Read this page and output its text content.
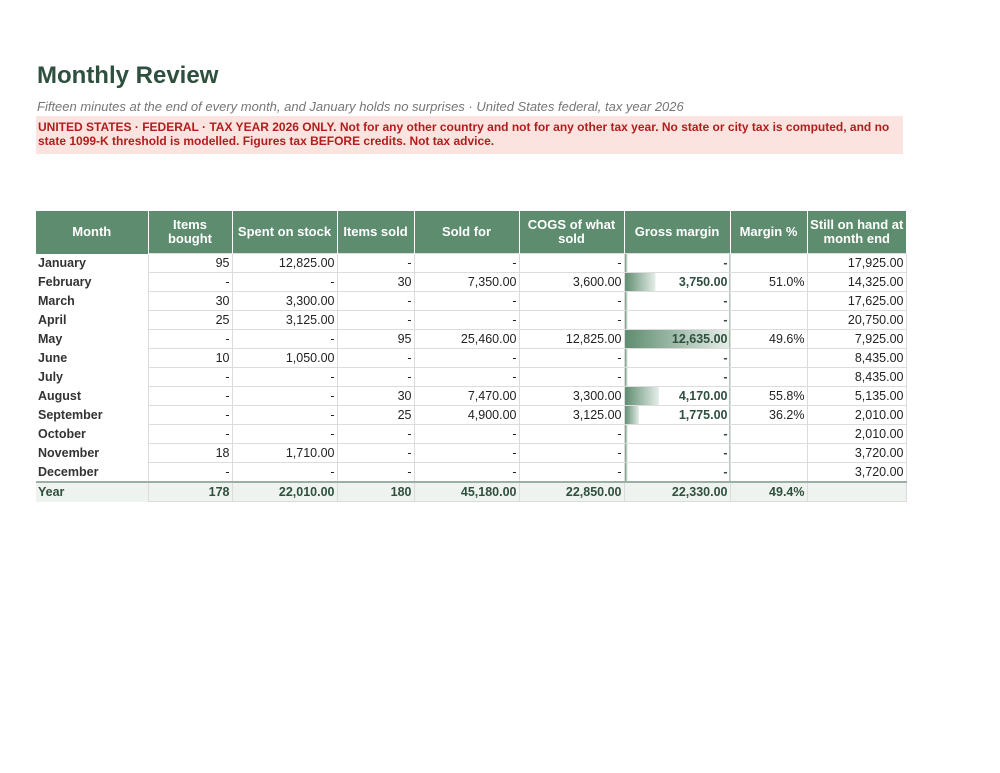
Monthly Review
Fifteen minutes at the end of every month, and January holds no surprises · United States federal, tax year 2026
UNITED STATES · FEDERAL · TAX YEAR 2026 ONLY. Not for any other country and not for any other tax year. No state or city tax is computed, and no state 1099-K threshold is modelled. Figures tax BEFORE credits. Not tax advice.
Month	Items bought	Spent on stock	Items sold	Sold for	COGS of what sold	Gross margin	Margin %	Still on hand at month end
January	95	12,825.00	-	-	-	-		17,925.00
February	-	-	30	7,350.00	3,600.00	3,750.00	51.0%	14,325.00
March	30	3,300.00	-	-	-	-		17,625.00
April	25	3,125.00	-	-	-	-		20,750.00
May	-	-	95	25,460.00	12,825.00	12,635.00	49.6%	7,925.00
June	10	1,050.00	-	-	-	-		8,435.00
July	-	-	-	-	-	-		8,435.00
August	-	-	30	7,470.00	3,300.00	4,170.00	55.8%	5,135.00
September	-	-	25	4,900.00	3,125.00	1,775.00	36.2%	2,010.00
October	-	-	-	-	-	-		2,010.00
November	18	1,710.00	-	-	-	-		3,720.00
December	-	-	-	-	-	-		3,720.00
Year	178	22,010.00	180	45,180.00	22,850.00	22,330.00	49.4%	
